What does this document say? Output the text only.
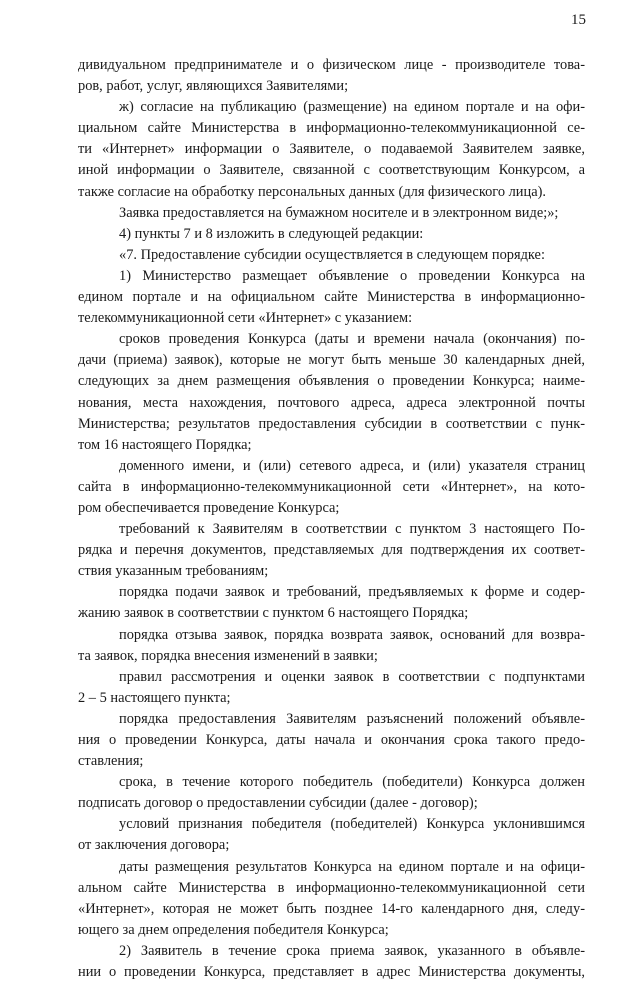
15
дивидуальном предпринимателе и о физическом лице - производителе това-
ров, работ, услуг, являющихся Заявителями;
ж) согласие на публикацию (размещение) на едином портале и на офи-
циальном сайте Министерства в информационно-телекоммуникационной се-
ти «Интернет» информации о Заявителе, о подаваемой Заявителем заявке,
иной информации о Заявителе, связанной с соответствующим Конкурсом, а
также согласие на обработку персональных данных (для физического лица).
Заявка предоставляется на бумажном носителе и в электронном виде;»;
4) пункты 7 и 8 изложить в следующей редакции:
«7. Предоставление субсидии осуществляется в следующем порядке:
1) Министерство размещает объявление о проведении Конкурса на
едином портале и на официальном сайте Министерства в информационно-
телекоммуникационной сети «Интернет» с указанием:
сроков проведения Конкурса (даты и времени начала (окончания) по-
дачи (приема) заявок), которые не могут быть меньше 30 календарных дней,
следующих за днем размещения объявления о проведении Конкурса; наиме-
нования, места нахождения, почтового адреса, адреса электронной почты
Министерства; результатов предоставления субсидии в соответствии с пунк-
том 16 настоящего Порядка;
доменного имени, и (или) сетевого адреса, и (или) указателя страниц
сайта в информационно-телекоммуникационной сети «Интернет», на кото-
ром обеспечивается проведение Конкурса;
требований к Заявителям в соответствии с пунктом 3 настоящего По-
рядка и перечня документов, представляемых для подтверждения их соответ-
ствия указанным требованиям;
порядка подачи заявок и требований, предъявляемых к форме и содер-
жанию заявок в соответствии с пунктом 6 настоящего Порядка;
порядка отзыва заявок, порядка возврата заявок, оснований для возвра-
та заявок, порядка внесения изменений в заявки;
правил рассмотрения и оценки заявок в соответствии с подпунктами
2 – 5 настоящего пункта;
порядка предоставления Заявителям разъяснений положений объявле-
ния о проведении Конкурса, даты начала и окончания срока такого предо-
ставления;
срока, в течение которого победитель (победители) Конкурса должен
подписать договор о предоставлении субсидии (далее - договор);
условий признания победителя (победителей) Конкурса уклонившимся
от заключения договора;
даты размещения результатов Конкурса на едином портале и на офици-
альном сайте Министерства в информационно-телекоммуникационной сети
«Интернет», которая не может быть позднее 14-го календарного дня, следу-
ющего за днем определения победителя Конкурса;
2) Заявитель в течение срока приема заявок, указанного в объявле-
нии о проведении Конкурса, представляет в адрес Министерства документы,
